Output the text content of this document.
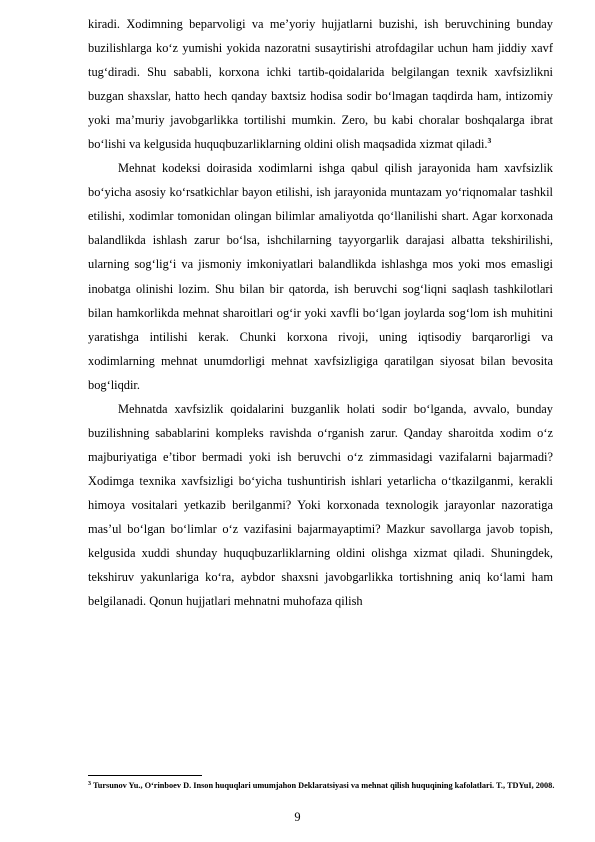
kiradi. Xodimning beparvoligi va me’yoriy hujjatlarni buzishi, ish beruvchining bunday buzilishlarga ko‘z yumishi yokida nazoratni susaytirishi atrofdagilar uchun ham jiddiy xavf tug‘diradi. Shu sababli, korxona ichki tartib-qoidalarida belgilangan texnik xavfsizlikni buzgan shaxslar, hatto hech qanday baxtsiz hodisa sodir bo‘lmagan taqdirda ham, intizomiy yoki ma’muriy javobgarlikka tortilishi mumkin. Zero, bu kabi choralar boshqalarga ibrat bo‘lishi va kelgusida huquqbuzarliklarning oldini olish maqsadida xizmat qiladi.$^3$

Mehnat kodeksi doirasida xodimlarni ishga qabul qilish jarayonida ham xavfsizlik bo‘yicha asosiy ko‘rsatkichlar bayon etilishi, ish jarayonida muntazam yo‘riqnomalar tashkil etilishi, xodimlar tomonidan olingan bilimlar amaliyotda qo‘llanilishi shart. Agar korxonada balandlikda ishlash zarur bo‘lsa, ishchilarning tayyorgarlik darajasi albatta tekshirilishi, ularning sog‘lig‘i va jismoniy imkoniyatlari balandlikda ishlashga mos yoki mos emasligi inobatga olinishi lozim. Shu bilan bir qatorda, ish beruvchi sog‘liqni saqlash tashkilotlari bilan hamkorlikda mehnat sharoitlari og‘ir yoki xavfli bo‘lgan joylarda sog‘lom ish muhitini yaratishga intilishi kerak. Chunki korxona rivoji, uning iqtisodiy barqarorligi va xodimlarning mehnat unumdorligi mehnat xavfsizligiga qaratilgan siyosat bilan bevosita bog‘liqdir.

Mehnatda xavfsizlik qoidalarini buzganlik holati sodir bo‘lganda, avvalo, bunday buzilishning sabablarini kompleks ravishda o‘rganish zarur. Qanday sharoitda xodim o‘z majburiyatiga e’tibor bermadi yoki ish beruvchi o‘z zimmasidagi vazifalarni bajarmadi? Xodimga texnika xavfsizligi bo‘yicha tushuntirish ishlari yetarlicha o‘tkazilganmi, kerakli himoya vositalari yetkazib berilganmi? Yoki korxonada texnologik jarayonlar nazoratiga mas’ul bo‘lgan bo‘limlar o‘z vazifasini bajarmayaptimi? Mazkur savollarga javob topish, kelgusida xuddi shunday huquqbuzarliklarning oldini olishga xizmat qiladi. Shuningdek, tekshiruv yakunlariga ko‘ra, aybdor shaxsni javobgarlikka tortishning aniq ko‘lami ham belgilanadi. Qonun hujjatlari mehnatni muhofaza qilish

$^3$ Tursunov Yu., O‘rinboev D. Inson huquqlari umumjahon Deklaratsiyasi va mehnat qilish huquqining kafolatlari. T., TDYuI, 2008.

9
